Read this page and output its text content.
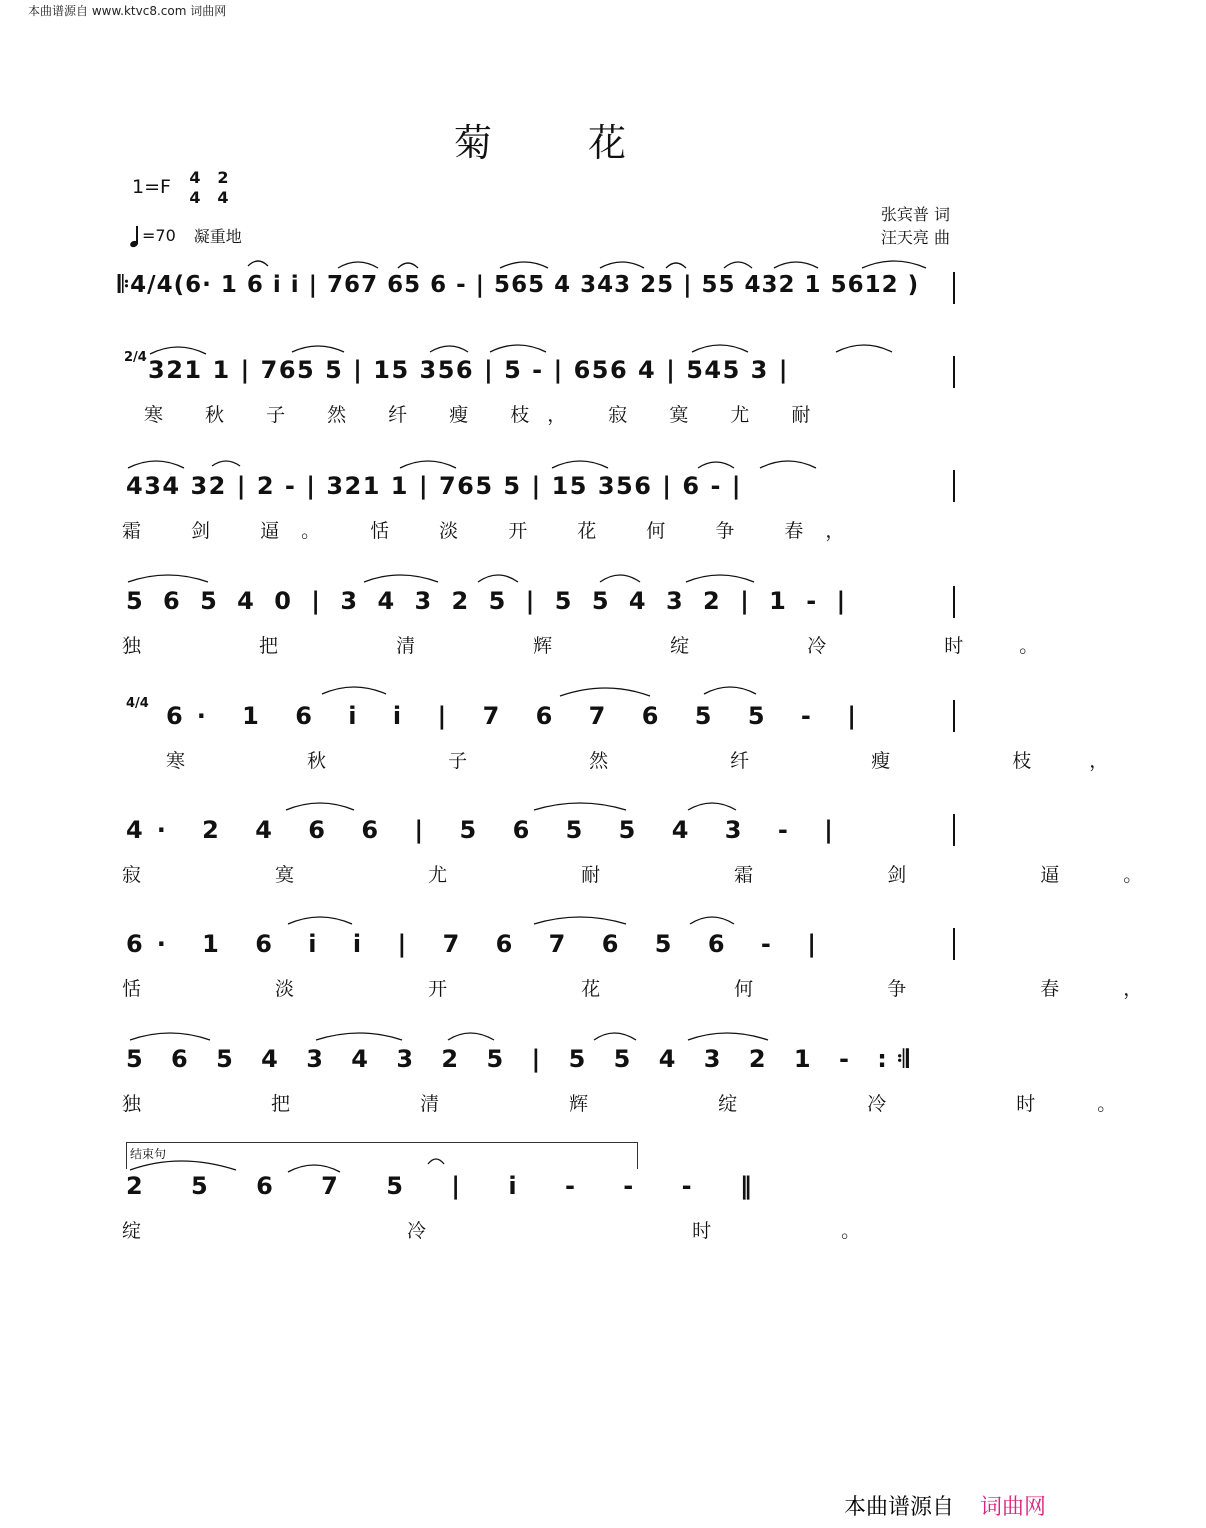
本曲谱源自 www.ktvc8.com 词曲网
菊 花
1=F 4
4
2
4
=70 凝重地
张宾普 词
汪天亮 曲
𝄆4/4(6· 1 6 i i | 767 65 6 - | 565 4 343 25 | 55 432 1 5612 )
2/4 321 1 | 765 5 | 15 356 | 5 - | 656 4 | 545 3 |
寒 秋 子 然 纤 瘦 枝， 寂 寞 尤 耐
434 32 | 2 - | 321 1 | 765 5 | 15 356 | 6 - |
霜 剑 逼。 恬 淡 开 花 何 争 春，
5 6 5 4 0 | 3 4 3 2 5 | 5 5 4 3 2 | 1 - |
独 把 清 辉 绽 冷 时。
4/4 6· 1 6 i i | 7 6 7 6 5 5 - |
寒 秋 子 然 纤 瘦 枝，
4· 2 4 6 6 | 5 6 5 5 4 3 - |
寂 寞 尤 耐 霜 剑 逼。
6· 1 6 i i | 7 6 7 6 5 6 - |
恬 淡 开 花 何 争 春，
5 6 5 4 3 4 3 2 5 | 5 5 4 3 2 1 - :𝄇
独 把 清 辉 绽 冷 时。
结束句
2 5 6 7 5 | i - - - ‖
绽 冷 时。
本曲谱源自 词曲网
